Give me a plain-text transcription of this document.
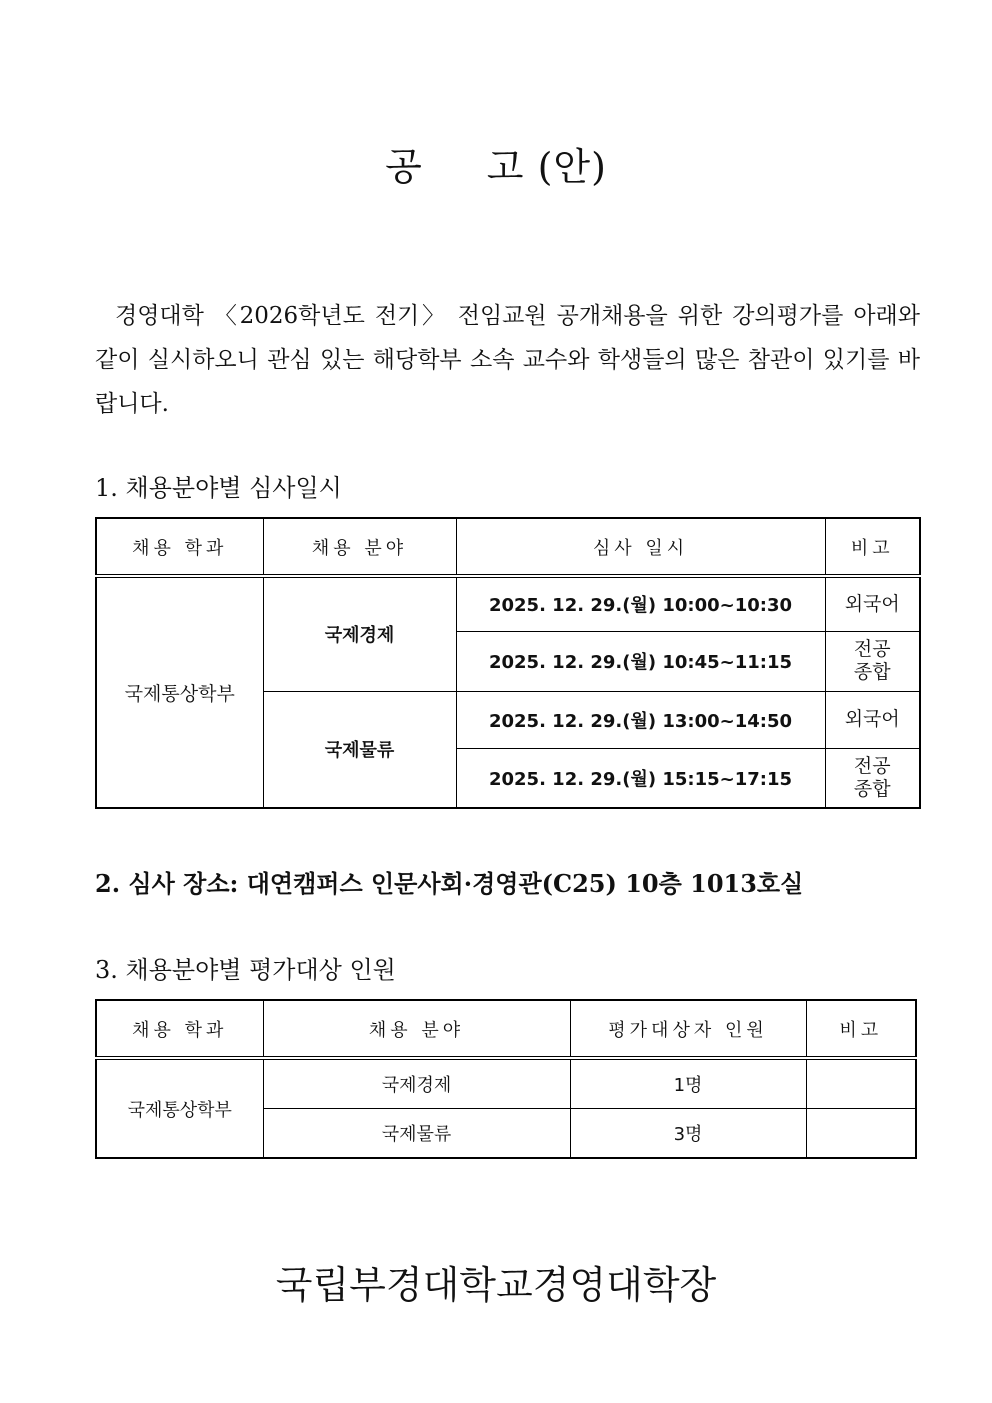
공 고 (안)

경영대학 〈2026학년도 전기〉 전임교원 공개채용을 위한 강의평가를 아래와 같이 실시하오니 관심 있는 해당학부 소속 교수와 학생들의 많은 참관이 있기를 바랍니다.

1. 채용분야별 심사일시
채용 학과	채용 분야	심사 일시	비고
국제통상학부	국제경제	2025. 12. 29.(월) 10:00~10:30	외국어
		2025. 12. 29.(월) 10:45~11:15	전공
종합
	국제물류	2025. 12. 29.(월) 13:00~14:50	외국어
		2025. 12. 29.(월) 15:15~17:15	전공
종합
2. 심사 장소: 대연캠퍼스 인문사회·경영관(C25) 10층 1013호실
3. 채용분야별 평가대상 인원
채용 학과	채용 분야	평가대상자 인원	비고
국제통상학부	국제경제	1명	
	국제물류	3명	

국립부경대학교경영대학장
